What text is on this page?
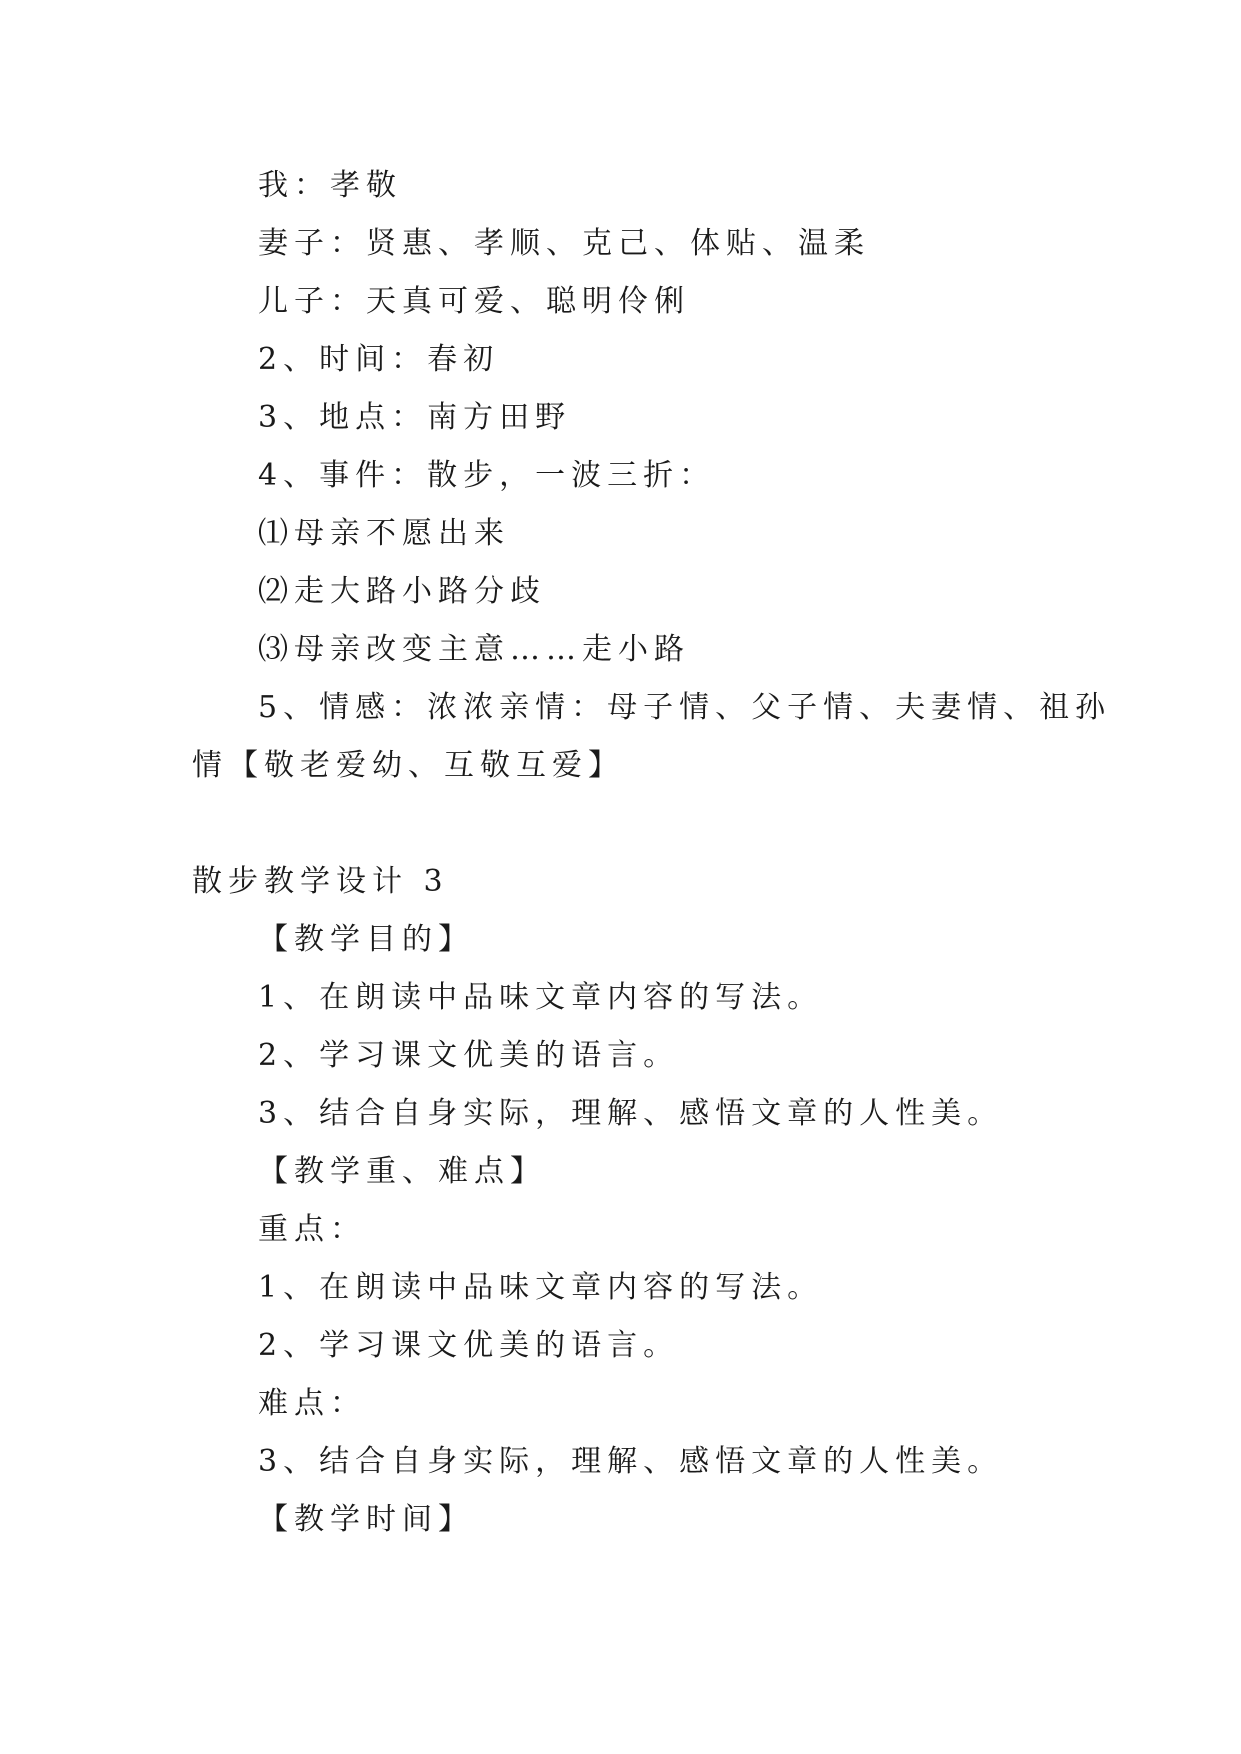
我：孝敬
妻子：贤惠、孝顺、克己、体贴、温柔
儿子：天真可爱、聪明伶俐
2、时间：春初
3、地点：南方田野
4、事件：散步，一波三折：
⑴母亲不愿出来
⑵走大路小路分歧
⑶母亲改变主意……走小路
5、情感：浓浓亲情：母子情、父子情、夫妻情、祖孙
情【敬老爱幼、互敬互爱】
散步教学设计 3
【教学目的】
1、在朗读中品味文章内容的写法。
2、学习课文优美的语言。
3、结合自身实际，理解、感悟文章的人性美。
【教学重、难点】
重点：
1、在朗读中品味文章内容的写法。
2、学习课文优美的语言。
难点：
3、结合自身实际，理解、感悟文章的人性美。
【教学时间】
